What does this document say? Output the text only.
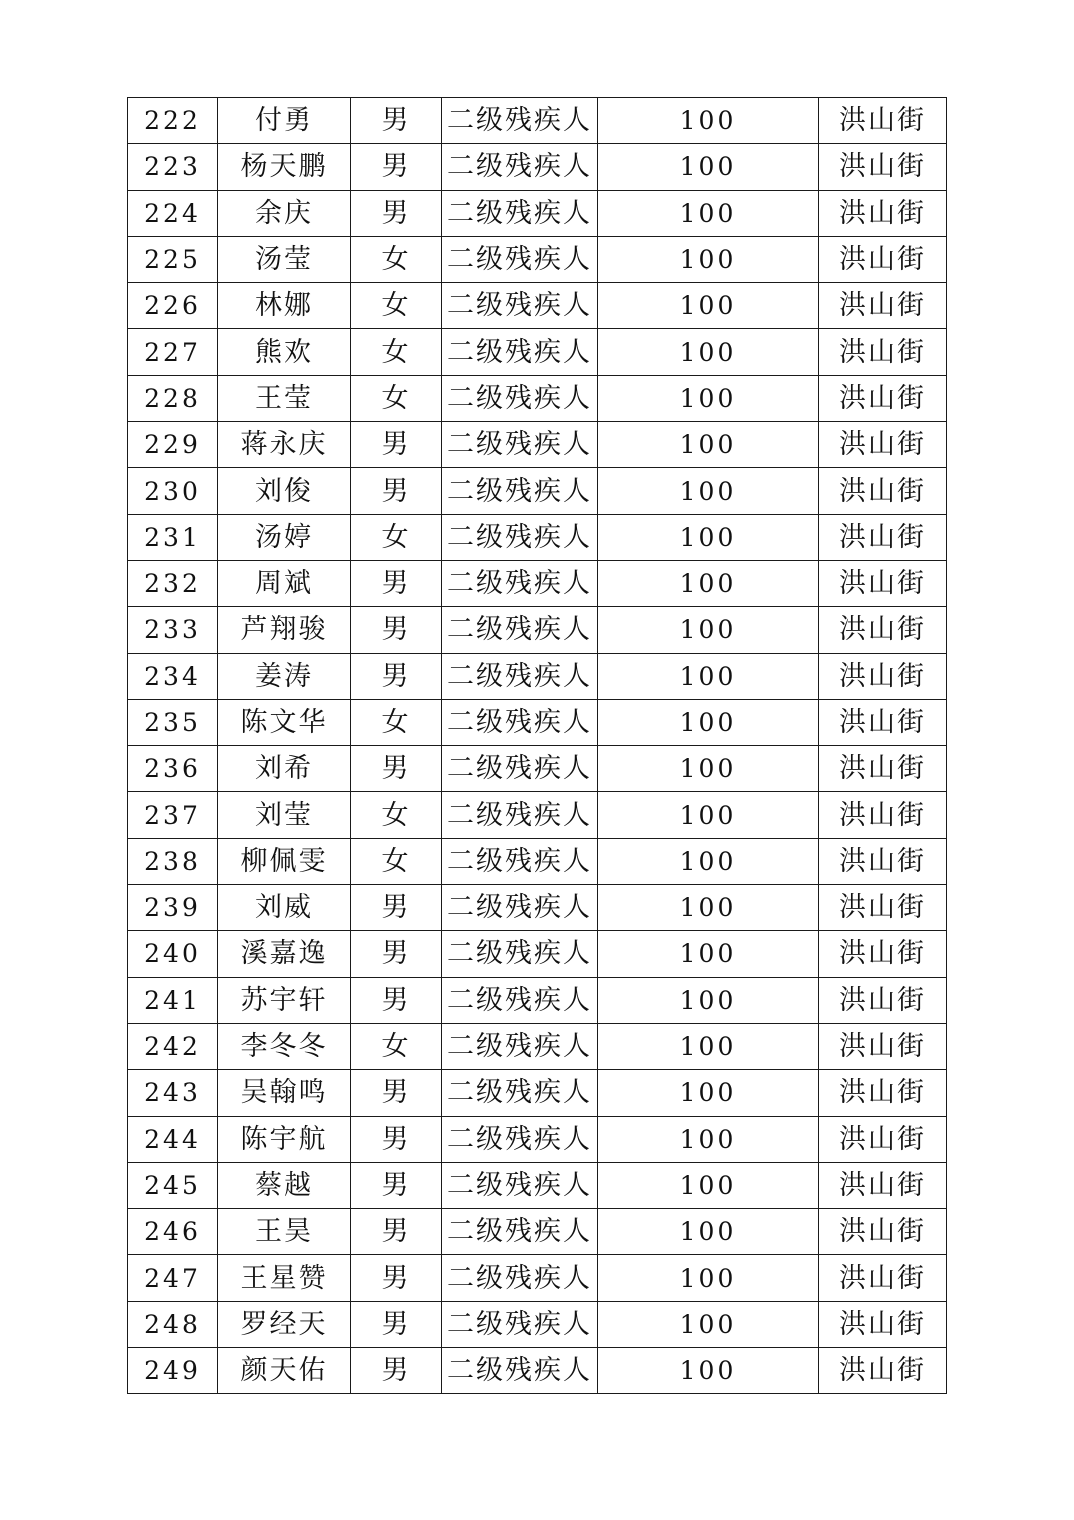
222	付勇	男	二级残疾人	100	洪山街
223	杨天鹏	男	二级残疾人	100	洪山街
224	余庆	男	二级残疾人	100	洪山街
225	汤莹	女	二级残疾人	100	洪山街
226	林娜	女	二级残疾人	100	洪山街
227	熊欢	女	二级残疾人	100	洪山街
228	王莹	女	二级残疾人	100	洪山街
229	蒋永庆	男	二级残疾人	100	洪山街
230	刘俊	男	二级残疾人	100	洪山街
231	汤婷	女	二级残疾人	100	洪山街
232	周斌	男	二级残疾人	100	洪山街
233	芦翔骏	男	二级残疾人	100	洪山街
234	姜涛	男	二级残疾人	100	洪山街
235	陈文华	女	二级残疾人	100	洪山街
236	刘希	男	二级残疾人	100	洪山街
237	刘莹	女	二级残疾人	100	洪山街
238	柳佩雯	女	二级残疾人	100	洪山街
239	刘威	男	二级残疾人	100	洪山街
240	溪嘉逸	男	二级残疾人	100	洪山街
241	苏宇轩	男	二级残疾人	100	洪山街
242	李冬冬	女	二级残疾人	100	洪山街
243	吴翰鸣	男	二级残疾人	100	洪山街
244	陈宇航	男	二级残疾人	100	洪山街
245	蔡越	男	二级残疾人	100	洪山街
246	王昊	男	二级残疾人	100	洪山街
247	王星赞	男	二级残疾人	100	洪山街
248	罗经天	男	二级残疾人	100	洪山街
249	颜天佑	男	二级残疾人	100	洪山街
